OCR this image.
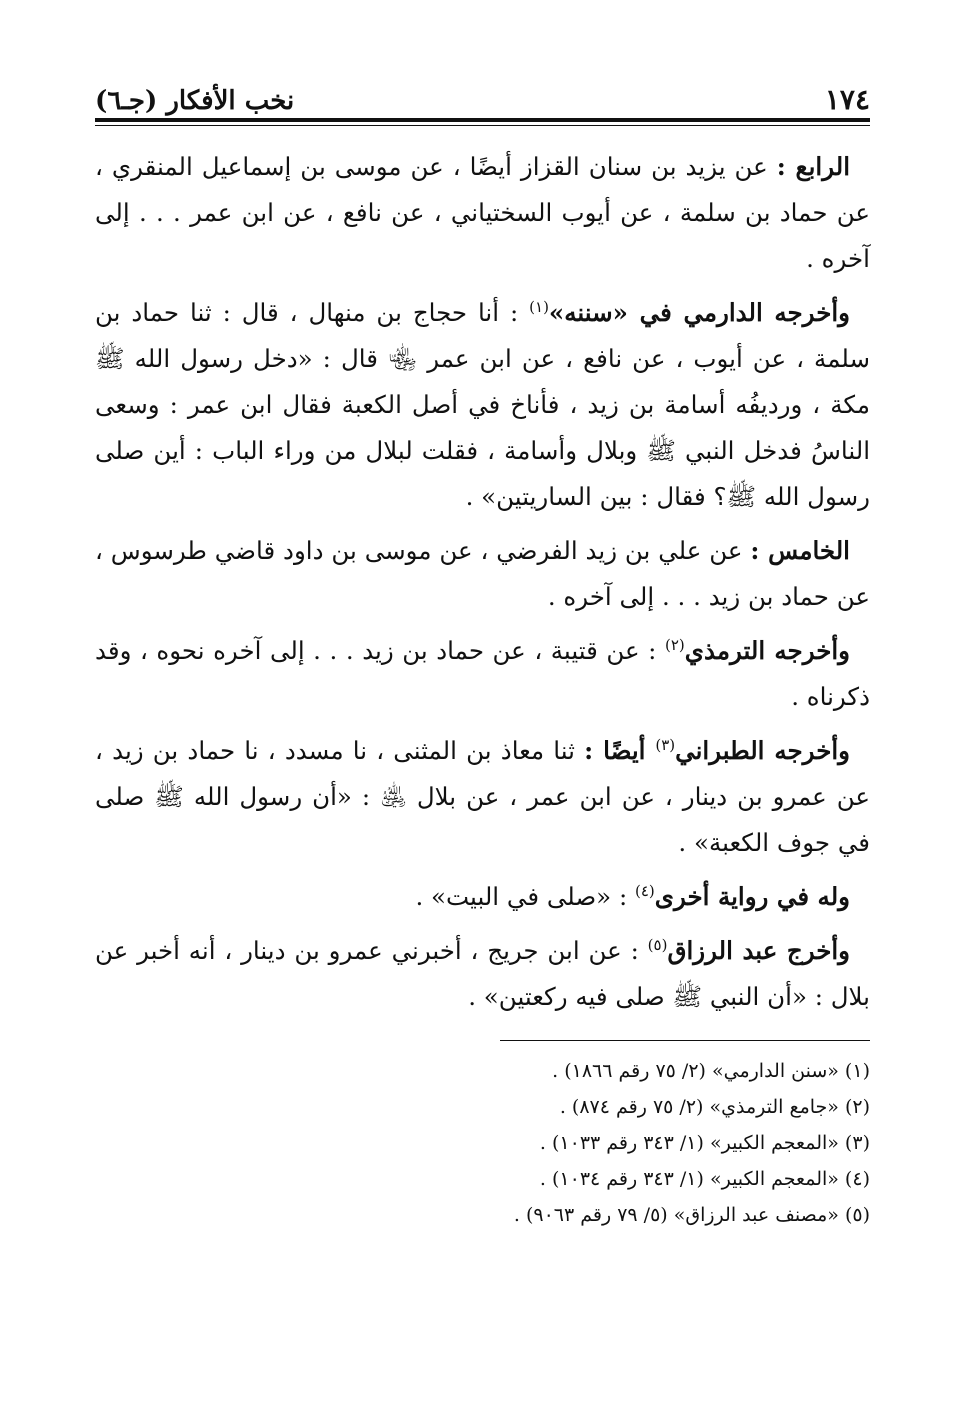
١٧٤
نخب الأفكار (جـ٦)

الرابع : عن يزيد بن سنان القزاز أيضًا ، عن موسى بن إسماعيل المنقري ، عن حماد بن سلمة ، عن أيوب السختياني ، عن نافع ، عن ابن عمر . . . إلى آخره .

وأخرجه الدارمي في «سننه»$^{(١)}$ : أنا حجاج بن منهال ، قال : ثنا حماد بن سلمة ، عن أيوب ، عن نافع ، عن ابن عمر ﵄ قال : «دخل رسول الله ﷺ مكة ، وردیفُه أسامة بن زيد ، فأناخ في أصل الكعبة فقال ابن عمر : وسعى الناسُ فدخل النبي ﷺ وبلال وأسامة ، فقلت لبلال من وراء الباب : أين صلى رسول الله ﷺ؟ فقال : بين الساريتين» .

الخامس : عن علي بن زيد الفرضي ، عن موسى بن داود قاضي طرسوس ، عن حماد بن زيد . . . إلى آخره .

وأخرجه الترمذي$^{(٢)}$ : عن قتيبة ، عن حماد بن زيد . . . إلى آخره نحوه ، وقد ذكرناه .

وأخرجه الطبراني$^{(٣)}$ أيضًا : ثنا معاذ بن المثنى ، نا مسدد ، نا حماد بن زيد ، عن عمرو بن دينار ، عن ابن عمر ، عن بلال ﵁ : «أن رسول الله ﷺ صلى في جوف الكعبة» .

وله في رواية أخرى$^{(٤)}$ : «صلى في البيت» .

وأخرج عبد الرزاق$^{(٥)}$ : عن ابن جريج ، أخبرني عمرو بن دينار ، أنه أخبر عن بلال : «أن النبي ﷺ صلى فيه ركعتين» .

(١) «سنن الدارمي» (٢/ ٧٥ رقم ١٨٦٦) .

(٢) «جامع الترمذي» (٢/ ٧٥ رقم ٨٧٤) .

(٣) «المعجم الكبير» (١/ ٣٤٣ رقم ١٠٣٣) .

(٤) «المعجم الكبير» (١/ ٣٤٣ رقم ١٠٣٤) .

(٥) «مصنف عبد الرزاق» (٥/ ٧٩ رقم ٩٠٦٣) .
